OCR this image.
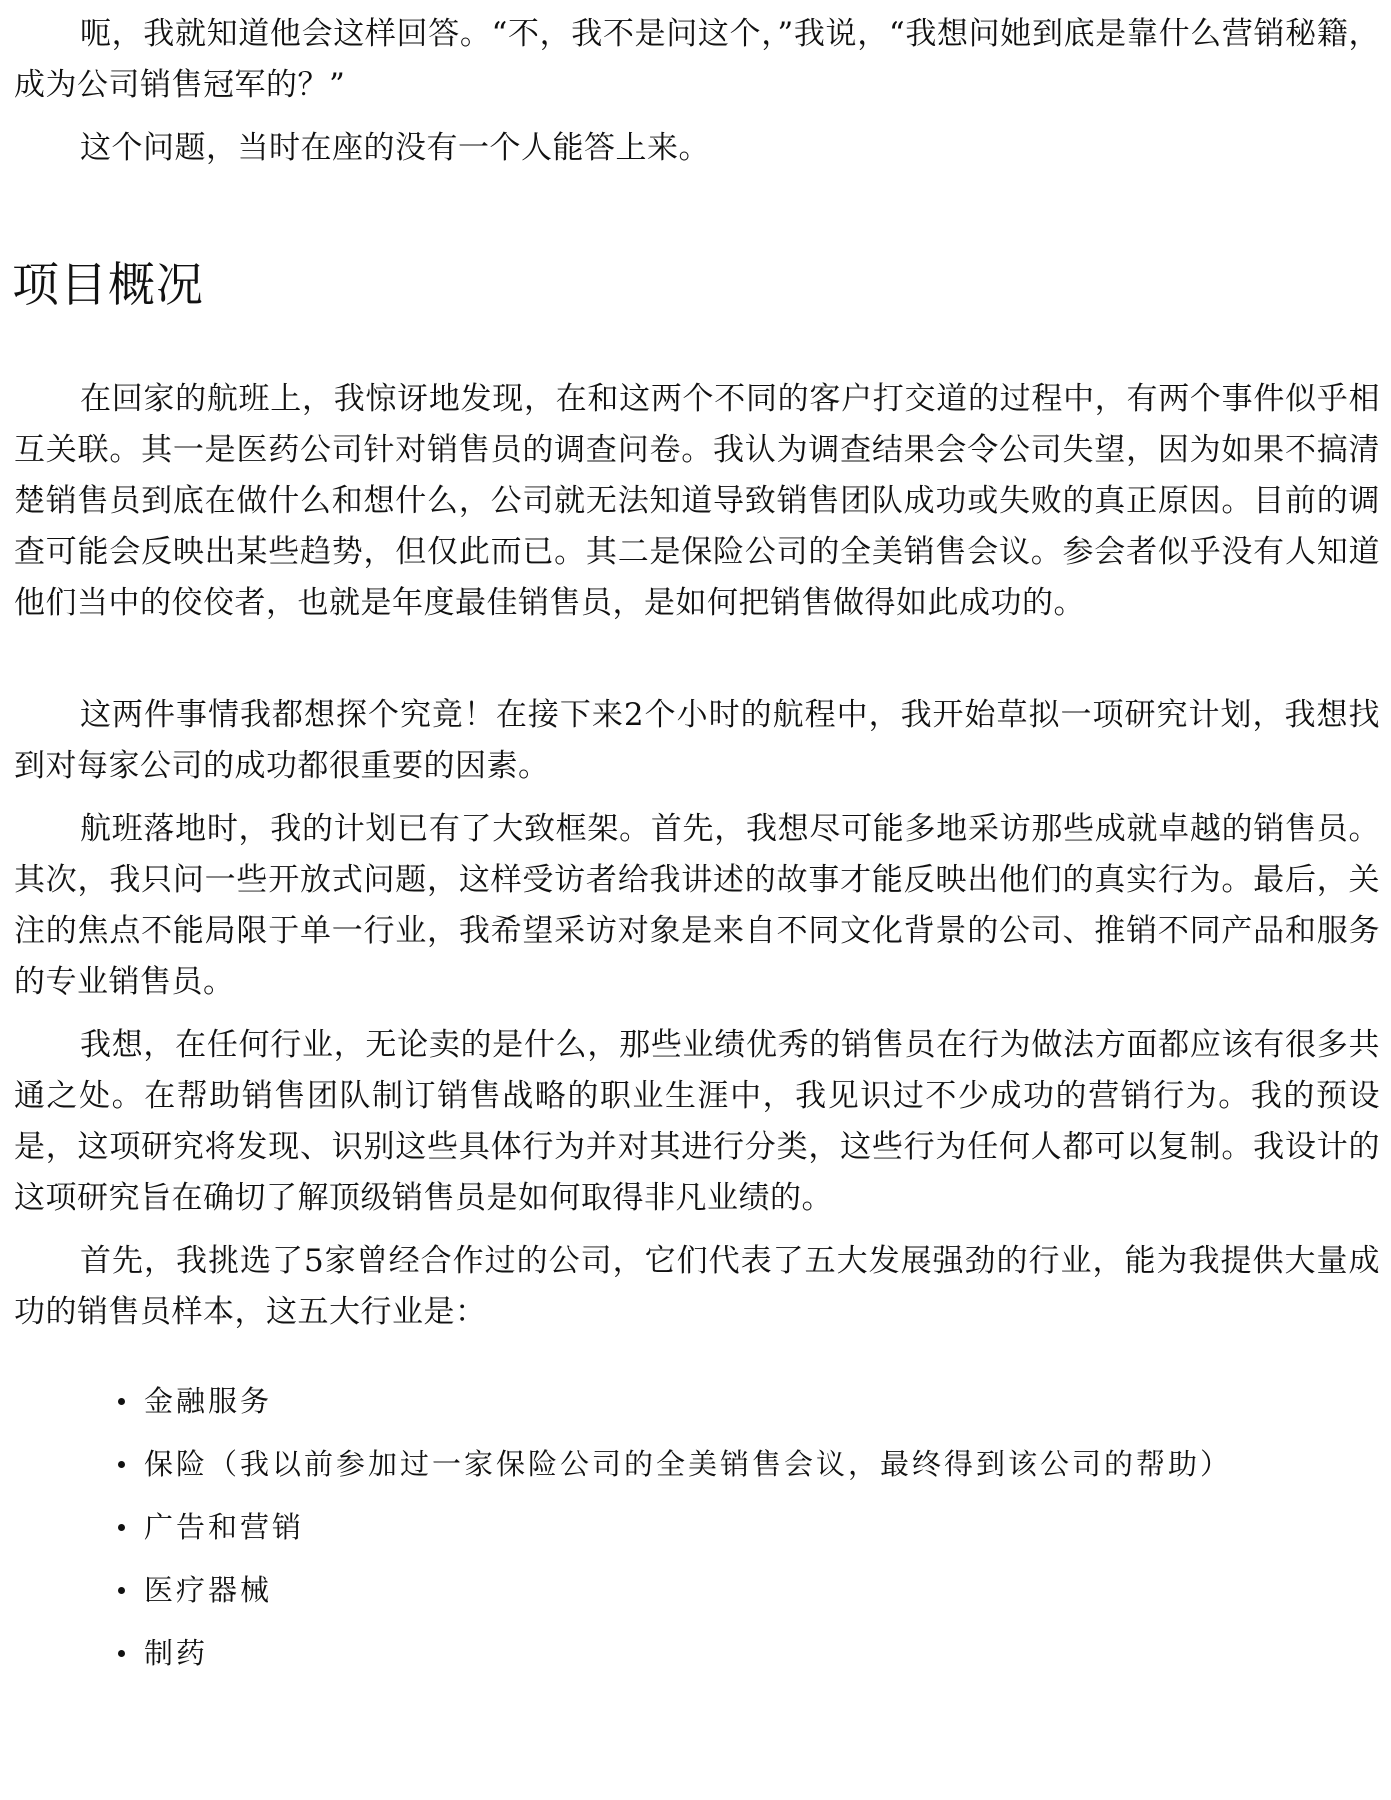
呃，我就知道他会这样回答。“不，我不是问这个，”我说，“我想问她到底是靠什么营销秘籍，成为公司销售冠军的？”

这个问题，当时在座的没有一个人能答上来。

项目概况

在回家的航班上，我惊讶地发现，在和这两个不同的客户打交道的过程中，有两个事件似乎相互关联。其一是医药公司针对销售员的调查问卷。我认为调查结果会令公司失望，因为如果不搞清楚销售员到底在做什么和想什么，公司就无法知道导致销售团队成功或失败的真正原因。目前的调查可能会反映出某些趋势，但仅此而已。其二是保险公司的全美销售会议。参会者似乎没有人知道他们当中的佼佼者，也就是年度最佳销售员，是如何把销售做得如此成功的。

这两件事情我都想探个究竟！在接下来2个小时的航程中，我开始草拟一项研究计划，我想找到对每家公司的成功都很重要的因素。

航班落地时，我的计划已有了大致框架。首先，我想尽可能多地采访那些成就卓越的销售员。其次，我只问一些开放式问题，这样受访者给我讲述的故事才能反映出他们的真实行为。最后，关注的焦点不能局限于单一行业，我希望采访对象是来自不同文化背景的公司、推销不同产品和服务的专业销售员。

我想，在任何行业，无论卖的是什么，那些业绩优秀的销售员在行为做法方面都应该有很多共通之处。在帮助销售团队制订销售战略的职业生涯中，我见识过不少成功的营销行为。我的预设是，这项研究将发现、识别这些具体行为并对其进行分类，这些行为任何人都可以复制。我设计的这项研究旨在确切了解顶级销售员是如何取得非凡业绩的。

首先，我挑选了5家曾经合作过的公司，它们代表了五大发展强劲的行业，能为我提供大量成功的销售员样本，这五大行业是：

金融服务
保险（我以前参加过一家保险公司的全美销售会议，最终得到该公司的帮助）
广告和营销
医疗器械
制药
